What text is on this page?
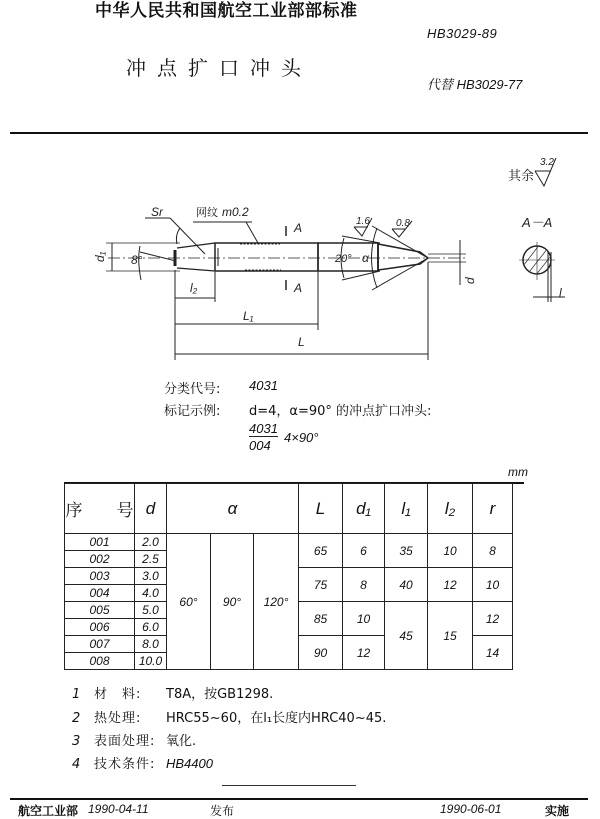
中华人民共和国航空工业部部标准
HB3029-89
冲点扩口冲头
代替 HB3029-77
Sr	网纹 m0.2
A
A
8°	20° α
1.6	0.8
d₁
d
l₂
L₁
L
其余
3.2
A－A
l
分类代号: 4031
标记示例: d=4，α=90° 的冲点扩口冲头:
4031
004
4×90°
mm
序　　号	d	α			L	d₁	l₁	l₂	r
001	2.0	60°	90°	120°	65	6	35	10	8
002	2.5								
003	3.0				75	8	40	12	10
004	4.0								
005	5.0				85	10	45	15	12
006	6.0								
007	8.0				90	12			14
008	10.0								
1 材　料: T8A，按GB1298.
2 热处理: HRC55~60，在l₁长度内HRC40~45.
3 表面处理: 氧化.
4 技术条件: HB4400
航空工业部 1990-04-11	发布	1990-06-01	实施
